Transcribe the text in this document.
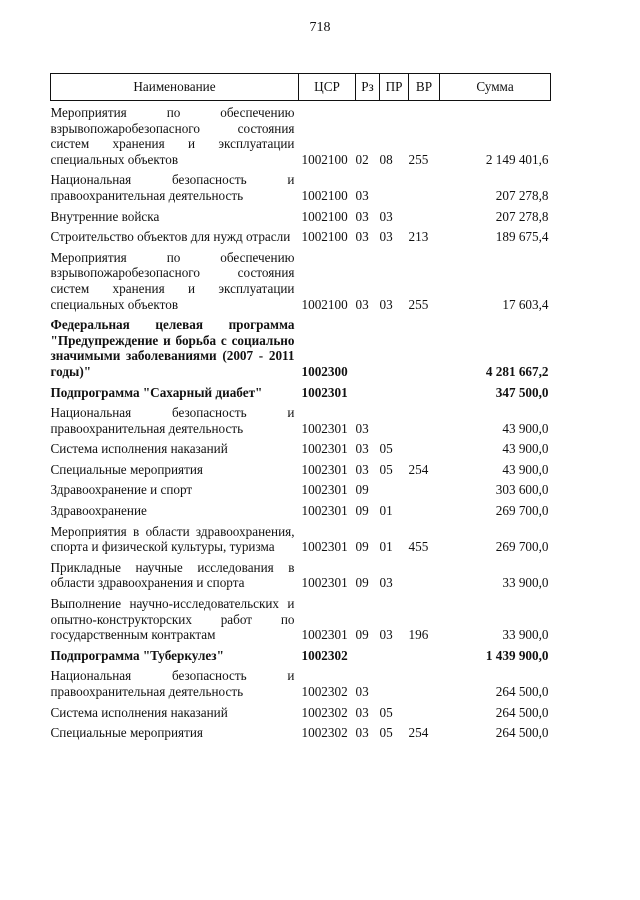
718
Наименование	ЦСР	Рз	ПР	ВР	Сумма
Мероприятия по обеспечению взрывопожаробезопасного состояния систем хранения и эксплуатации специальных объектов	1002100	02	08	255	2 149 401,6
Национальная безопасность и правоохранительная деятельность	1002100	03			207 278,8
Внутренние войска	1002100	03	03		207 278,8
Строительство объектов для нужд отрасли	1002100	03	03	213	189 675,4
Мероприятия по обеспечению взрывопожаробезопасного состояния систем хранения и эксплуатации специальных объектов	1002100	03	03	255	17 603,4
Федеральная целевая программа "Предупреждение и борьба с социально значимыми заболеваниями (2007 - 2011 годы)"	1002300				4 281 667,2
Подпрограмма "Сахарный диабет"	1002301				347 500,0
Национальная безопасность и правоохранительная деятельность	1002301	03			43 900,0
Система исполнения наказаний	1002301	03	05		43 900,0
Специальные мероприятия	1002301	03	05	254	43 900,0
Здравоохранение и спорт	1002301	09			303 600,0
Здравоохранение	1002301	09	01		269 700,0
Мероприятия в области здравоохранения, спорта и физической культуры, туризма	1002301	09	01	455	269 700,0
Прикладные научные исследования в области здравоохранения и спорта	1002301	09	03		33 900,0
Выполнение научно-исследовательских и опытно-конструкторских работ по государственным контрактам	1002301	09	03	196	33 900,0
Подпрограмма "Туберкулез"	1002302				1 439 900,0
Национальная безопасность и правоохранительная деятельность	1002302	03			264 500,0
Система исполнения наказаний	1002302	03	05		264 500,0
Специальные мероприятия	1002302	03	05	254	264 500,0
